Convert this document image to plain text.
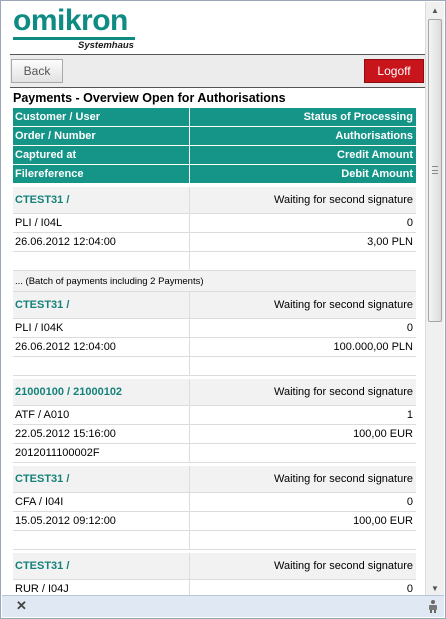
omikron
Systemhaus
Back	Logoff
Payments - Overview Open for Authorisations
Customer / User	Status of Processing
Order / Number	Authorisations
Captured at	Credit Amount
Filereference	Debit Amount
CTEST31 /	Waiting for second signature
PLI / I04L	0
26.06.2012 12:04:00	3,00 PLN
... (Batch of payments including 2 Payments)
CTEST31 /	Waiting for second signature
PLI / I04K	0
26.06.2012 12:04:00	100.000,00 PLN
21000100 / 21000102	Waiting for second signature
ATF / A010	1
22.05.2012 15:16:00	100,00 EUR
2012011100002F
CTEST31 /	Waiting for second signature
CFA / I04I	0
15.05.2012 09:12:00	100,00 EUR
CTEST31 /	Waiting for second signature
RUR / I04J	0
▲
▼
✕
